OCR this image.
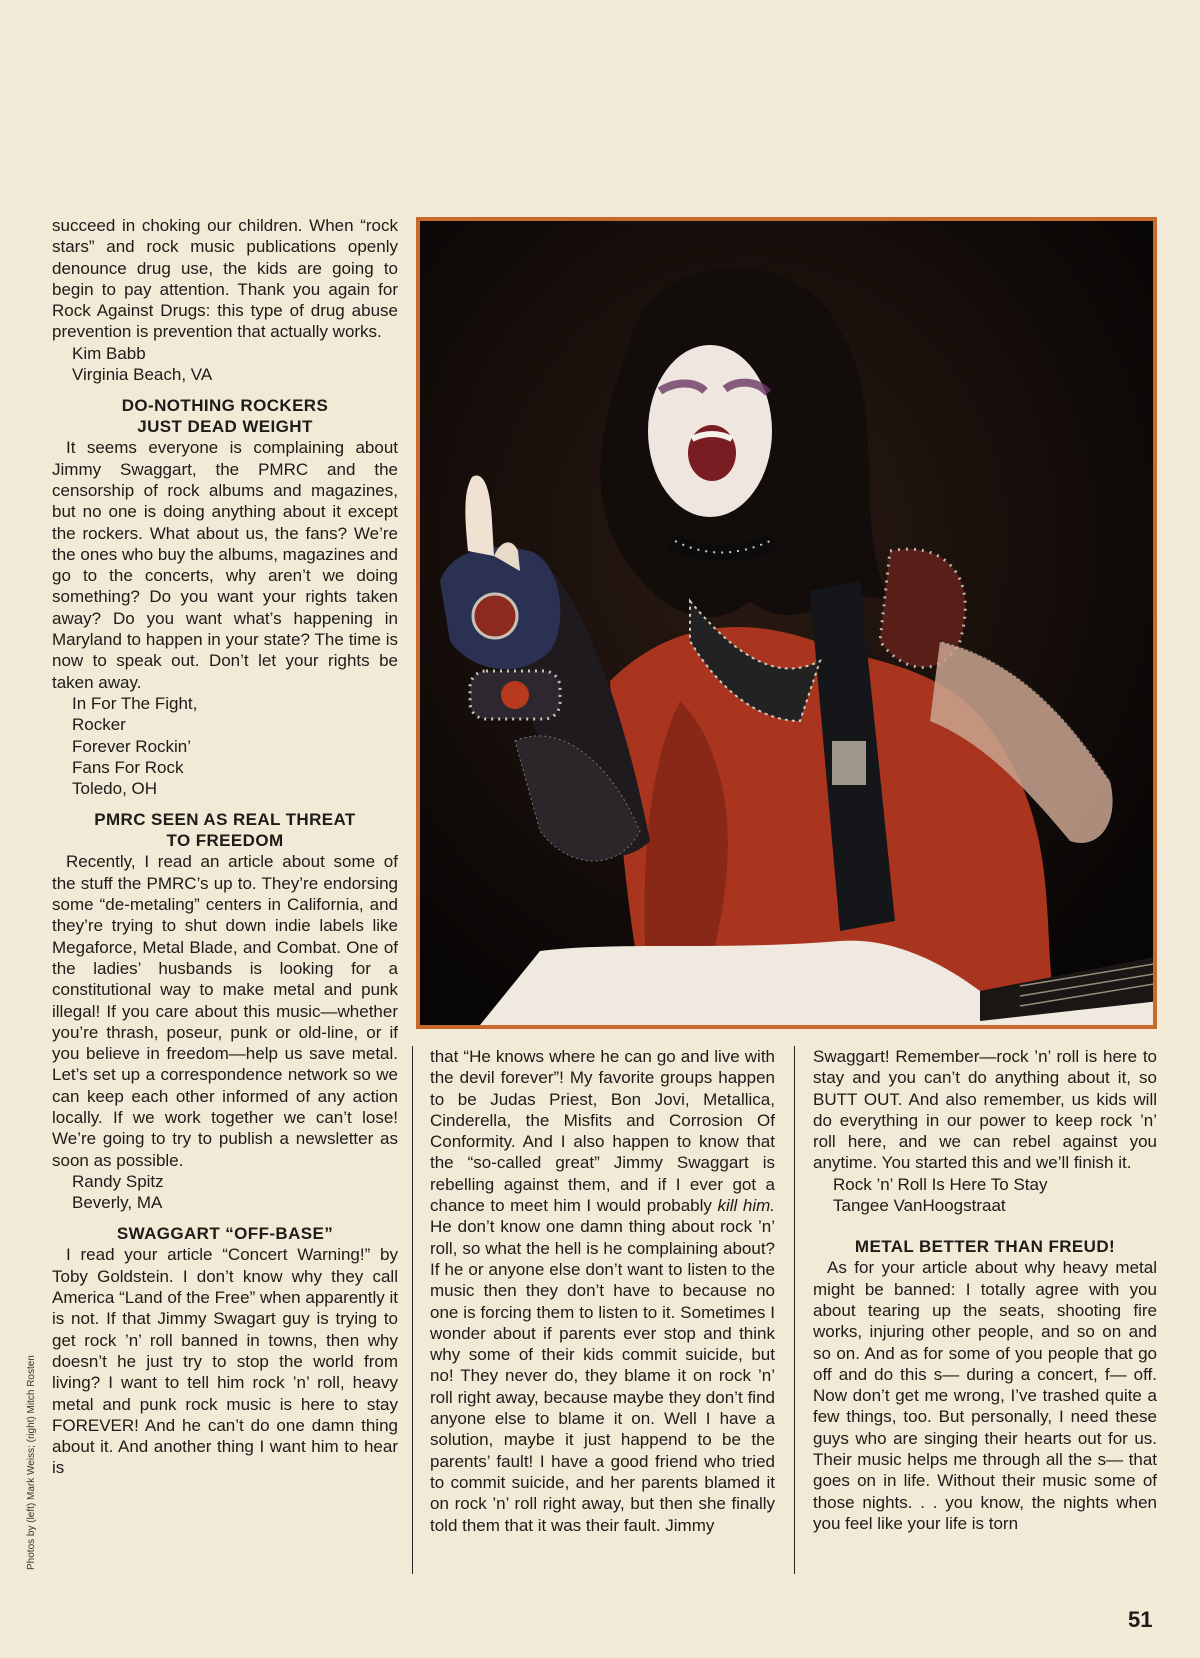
succeed in choking our children. When “rock stars” and rock music publications openly denounce drug use, the kids are going to begin to pay attention. Thank you again for Rock Against Drugs: this type of drug abuse prevention is prevention that actually works.

Kim Babb

Virginia Beach, VA

DO-NOTHING ROCKERS
JUST DEAD WEIGHT

It seems everyone is complaining about Jimmy Swaggart, the PMRC and the censorship of rock albums and magazines, but no one is doing anything about it except the rockers. What about us, the fans? We’re the ones who buy the albums, magazines and go to the concerts, why aren’t we doing something? Do you want your rights taken away? Do you want what’s happening in Maryland to happen in your state? The time is now to speak out. Don’t let your rights be taken away.

In For The Fight,

Rocker

Forever Rockin’

Fans For Rock

Toledo, OH

PMRC SEEN AS REAL THREAT
TO FREEDOM

Recently, I read an article about some of the stuff the PMRC’s up to. They’re endorsing some “de-metaling” centers in California, and they’re trying to shut down indie labels like Megaforce, Metal Blade, and Combat. One of the ladies’ husbands is looking for a constitutional way to make metal and punk illegal! If you care about this music—whether you’re thrash, poseur, punk or old-line, or if you believe in freedom—help us save metal. Let’s set up a correspondence network so we can keep each other informed of any action locally. If we work together we can’t lose! We’re going to try to publish a newsletter as soon as possible.

Randy Spitz

Beverly, MA

SWAGGART “OFF-BASE”

I read your article “Concert Warning!” by Toby Goldstein. I don’t know why they call America “Land of the Free” when apparently it is not. If that Jimmy Swagart guy is trying to get rock ’n’ roll banned in towns, then why doesn’t he just try to stop the world from living? I want to tell him rock ’n’ roll, heavy metal and punk rock music is here to stay FOREVER! And he can’t do one damn thing about it. And another thing I want him to hear is

that “He knows where he can go and live with the devil forever”! My favorite groups happen to be Judas Priest, Bon Jovi, Metallica, Cinderella, the Misfits and Corrosion Of Conformity. And I also happen to know that the “so-called great” Jimmy Swaggart is rebelling against them, and if I ever got a chance to meet him I would probably kill him. He don’t know one damn thing about rock ’n’ roll, so what the hell is he complaining about? If he or anyone else don’t want to listen to the music then they don’t have to because no one is forcing them to listen to it. Sometimes I wonder about if parents ever stop and think why some of their kids commit suicide, but no! They never do, they blame it on rock ’n’ roll right away, because maybe they don’t find anyone else to blame it on. Well I have a solution, maybe it just happend to be the parents’ fault! I have a good friend who tried to commit suicide, and her parents blamed it on rock ’n’ roll right away, but then she finally told them that it was their fault. Jimmy

Swaggart! Remember—rock ’n’ roll is here to stay and you can’t do anything about it, so BUTT OUT. And also remember, us kids will do everything in our power to keep rock ’n’ roll here, and we can rebel against you anytime. You started this and we’ll finish it.

Rock ’n’ Roll Is Here To Stay

Tangee VanHoogstraat

METAL BETTER THAN FREUD!

As for your article about why heavy metal might be banned: I totally agree with you about tearing up the seats, shooting fire works, injuring other people, and so on and so on. And as for some of you people that go off and do this s— during a concert, f— off. Now don’t get me wrong, I’ve trashed quite a few things, too. But personally, I need these guys who are singing their hearts out for us. Their music helps me through all the s— that goes on in life. Without their music some of those nights. . . you know, the nights when you feel like your life is torn

Photos by (left) Mark Weiss; (right) Mitch Rosten
51
